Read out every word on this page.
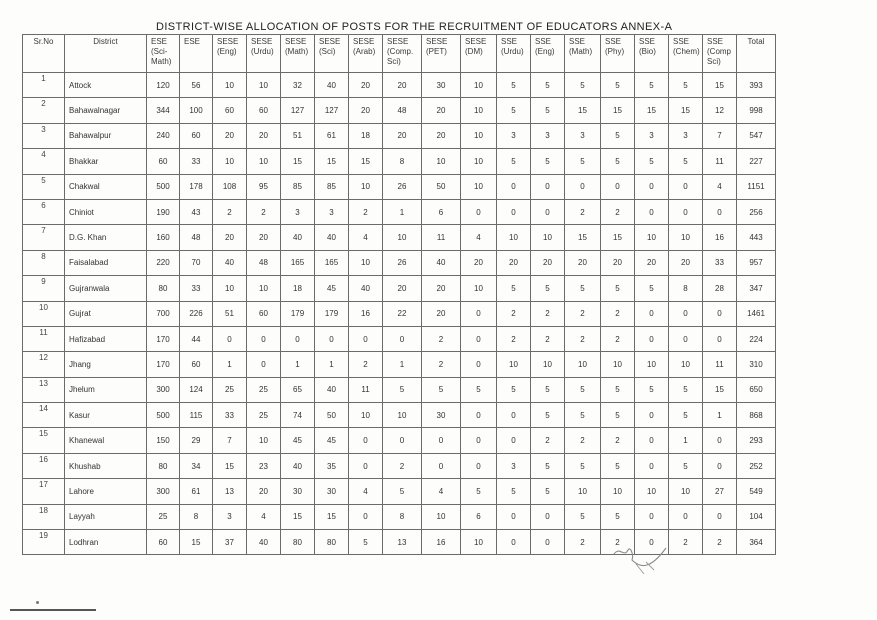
DISTRICT-WISE ALLOCATION OF POSTS FOR THE RECRUITMENT OF EDUCATORS ANNEX-A
Sr.No	District	ESE (Sci-Math)	ESE	SESE (Eng)	SESE (Urdu)	SESE (Math)	SESE (Sci)	SESE (Arab)	SESE (Comp. Sci)	SESE (PET)	SESE (DM)	SSE (Urdu)	SSE (Eng)	SSE (Math)	SSE (Phy)	SSE (Bio)	SSE (Chem)	SSE (Comp Sci)	Total
1	Attock	120	56	10	10	32	40	20	20	30	10	5	5	5	5	5	5	15	393
2	Bahawalnagar	344	100	60	60	127	127	20	48	20	10	5	5	15	15	15	15	12	998
3	Bahawalpur	240	60	20	20	51	61	18	20	20	10	3	3	3	5	3	3	7	547
4	Bhakkar	60	33	10	10	15	15	15	8	10	10	5	5	5	5	5	5	11	227
5	Chakwal	500	178	108	95	85	85	10	26	50	10	0	0	0	0	0	0	4	1151
6	Chiniot	190	43	2	2	3	3	2	1	6	0	0	0	2	2	0	0	0	256
7	D.G. Khan	160	48	20	20	40	40	4	10	11	4	10	10	15	15	10	10	16	443
8	Faisalabad	220	70	40	48	165	165	10	26	40	20	20	20	20	20	20	20	33	957
9	Gujranwala	80	33	10	10	18	45	40	20	20	10	5	5	5	5	5	8	28	347
10	Gujrat	700	226	51	60	179	179	16	22	20	0	2	2	2	2	0	0	0	1461
11	Hafizabad	170	44	0	0	0	0	0	0	2	0	2	2	2	2	0	0	0	224
12	Jhang	170	60	1	0	1	1	2	1	2	0	10	10	10	10	10	10	11	310
13	Jhelum	300	124	25	25	65	40	11	5	5	5	5	5	5	5	5	5	15	650
14	Kasur	500	115	33	25	74	50	10	10	30	0	0	5	5	5	0	5	1	868
15	Khanewal	150	29	7	10	45	45	0	0	0	0	0	2	2	2	0	1	0	293
16	Khushab	80	34	15	23	40	35	0	2	0	0	3	5	5	5	0	5	0	252
17	Lahore	300	61	13	20	30	30	4	5	4	5	5	5	10	10	10	10	27	549
18	Layyah	25	8	3	4	15	15	0	8	10	6	0	0	5	5	0	0	0	104
19	Lodhran	60	15	37	40	80	80	5	13	16	10	0	0	2	2	0	2	2	364
